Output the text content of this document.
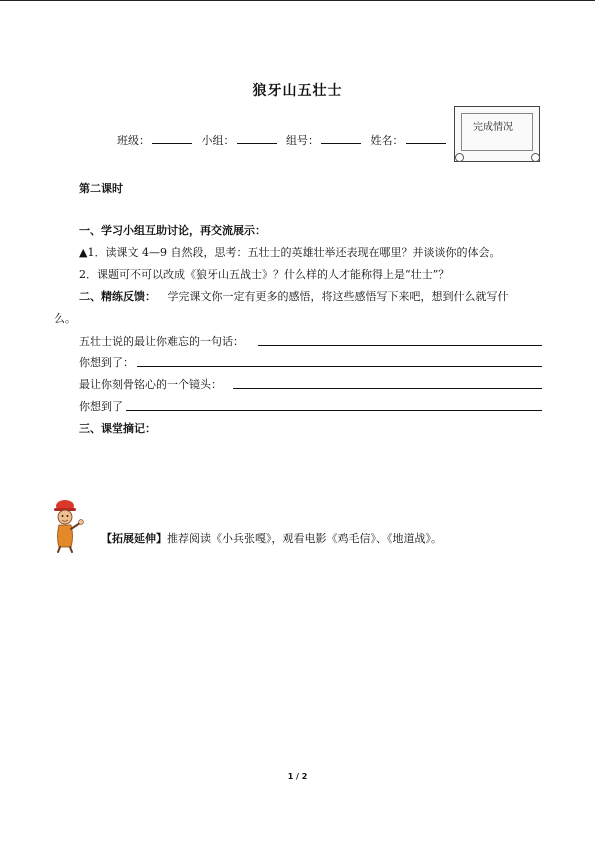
狼牙山五壮士
班级：	小组：	组号：	姓名：
完成情况
第二课时
一、学习小组互助讨论，再交流展示：
▲1．读课文 4—9 自然段，思考：五壮士的英雄壮举还表现在哪里？并谈谈你的体会。
2．课题可不可以改成《狼牙山五战士》？什么样的人才能称得上是“壮士”？
二、精练反馈： 学完课文你一定有更多的感悟，将这些感悟写下来吧，想到什么就写什
么。
五壮士说的最让你难忘的一句话：
你想到了：
最让你刻骨铭心的一个镜头：
你想到了
三、课堂摘记：
【拓展延伸】推荐阅读《小兵张嘎》，观看电影《鸡毛信》、《地道战》。
1 / 2
